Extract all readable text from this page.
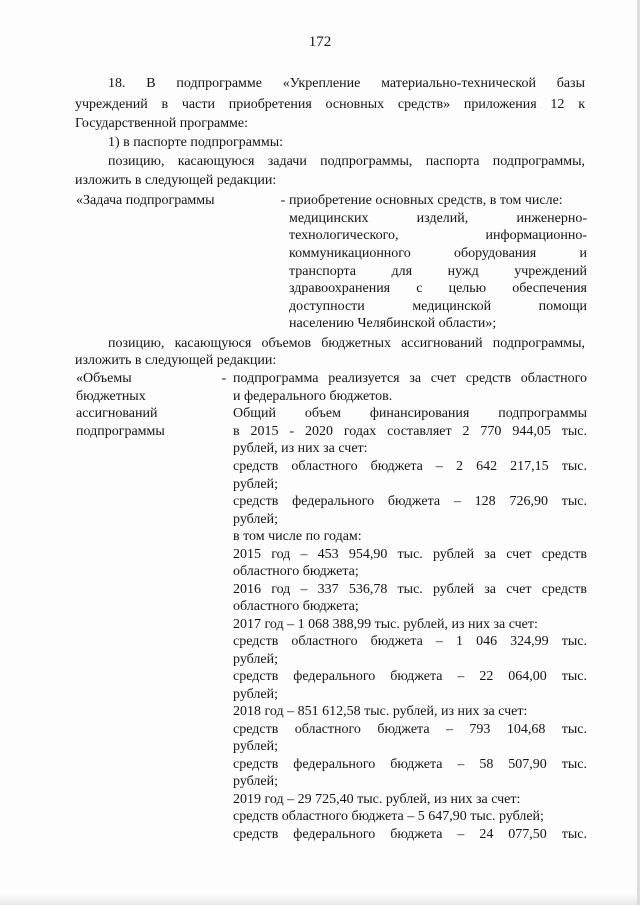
172
18. В подпрограмме «Укрепление материально-технической базы
учреждений в части приобретения основных средств» приложения 12 к
Государственной программе:
1) в паспорте подпрограммы:
позицию, касающуюся задачи подпрограммы, паспорта подпрограммы,
изложить в следующей редакции:
«Задача подпрограммы	- приобретение основных средств, в том числе:
медицинских изделий, инженерно-
технологического, информационно-
коммуникационного оборудования и
транспорта для нужд учреждений
здравоохранения с целью обеспечения
доступности медицинской помощи
населению Челябинской области»;
позицию, касающуюся объемов бюджетных ассигнований подпрограммы,
изложить в следующей редакции:
«Объемы
бюджетных
ассигнований
подпрограммы
- подпрограмма реализуется за счет средств областного
и федерального бюджетов.
Общий объем финансирования подпрограммы
в 2015 - 2020 годах составляет 2 770 944,05 тыс.
рублей, из них за счет:
средств областного бюджета – 2 642 217,15 тыс.
рублей;
средств федерального бюджета – 128 726,90 тыс.
рублей;
в том числе по годам:
2015 год – 453 954,90 тыс. рублей за счет средств
областного бюджета;
2016 год – 337 536,78 тыс. рублей за счет средств
областного бюджета;
2017 год – 1 068 388,99 тыс. рублей, из них за счет:
средств областного бюджета – 1 046 324,99 тыс.
рублей;
средств федерального бюджета – 22 064,00 тыс.
рублей;
2018 год – 851 612,58 тыс. рублей, из них за счет:
средств областного бюджета – 793 104,68 тыс.
рублей;
средств федерального бюджета – 58 507,90 тыс.
рублей;
2019 год – 29 725,40 тыс. рублей, из них за счет:
средств областного бюджета – 5 647,90 тыс. рублей;
средств федерального бюджета – 24 077,50 тыс.
